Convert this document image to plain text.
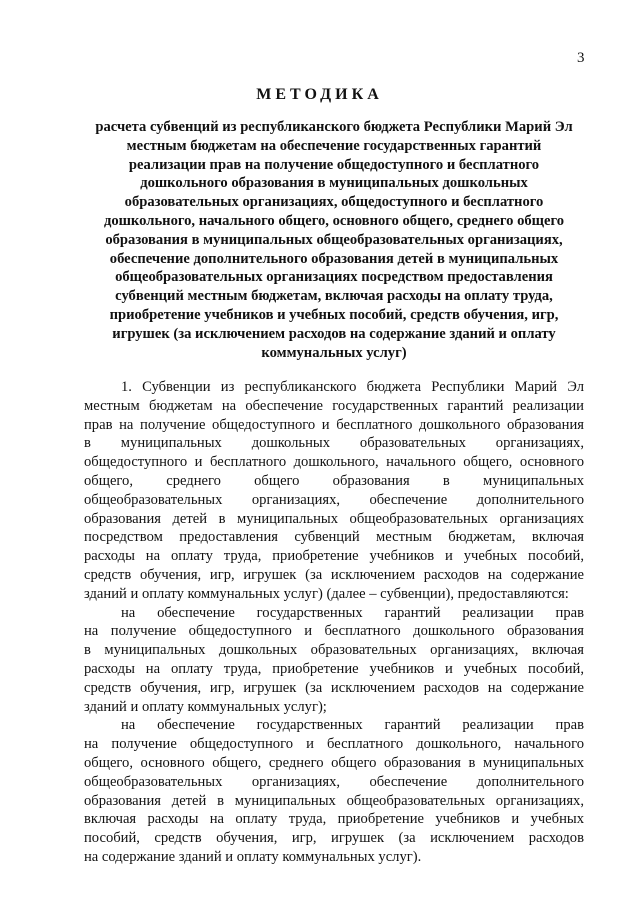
3
МЕТОДИКА
расчета субвенций из республиканского бюджета Республики Марий Эл
местным бюджетам на обеспечение государственных гарантий
реализации прав на получение общедоступного и бесплатного
дошкольного образования в муниципальных дошкольных
образовательных организациях, общедоступного и бесплатного
дошкольного, начального общего, основного общего, среднего общего
образования в муниципальных общеобразовательных организациях,
обеспечение дополнительного образования детей в муниципальных
общеобразовательных организациях посредством предоставления
субвенций местным бюджетам, включая расходы на оплату труда,
приобретение учебников и учебных пособий, средств обучения, игр,
игрушек (за исключением расходов на содержание зданий и оплату
коммунальных услуг)
1. Субвенции из республиканского бюджета Республики Марий Эл
местным бюджетам на обеспечение государственных гарантий реализации
прав на получение общедоступного и бесплатного дошкольного образования
в муниципальных дошкольных образовательных организациях,
общедоступного и бесплатного дошкольного, начального общего, основного
общего, среднего общего образования в муниципальных
общеобразовательных организациях, обеспечение дополнительного
образования детей в муниципальных общеобразовательных организациях
посредством предоставления субвенций местным бюджетам, включая
расходы на оплату труда, приобретение учебников и учебных пособий,
средств обучения, игр, игрушек (за исключением расходов на содержание
зданий и оплату коммунальных услуг) (далее – субвенции), предоставляются:
на обеспечение государственных гарантий реализации прав
на получение общедоступного и бесплатного дошкольного образования
в муниципальных дошкольных образовательных организациях, включая
расходы на оплату труда, приобретение учебников и учебных пособий,
средств обучения, игр, игрушек (за исключением расходов на содержание
зданий и оплату коммунальных услуг);
на обеспечение государственных гарантий реализации прав
на получение общедоступного и бесплатного дошкольного, начального
общего, основного общего, среднего общего образования в муниципальных
общеобразовательных организациях, обеспечение дополнительного
образования детей в муниципальных общеобразовательных организациях,
включая расходы на оплату труда, приобретение учебников и учебных
пособий, средств обучения, игр, игрушек (за исключением расходов
на содержание зданий и оплату коммунальных услуг).
